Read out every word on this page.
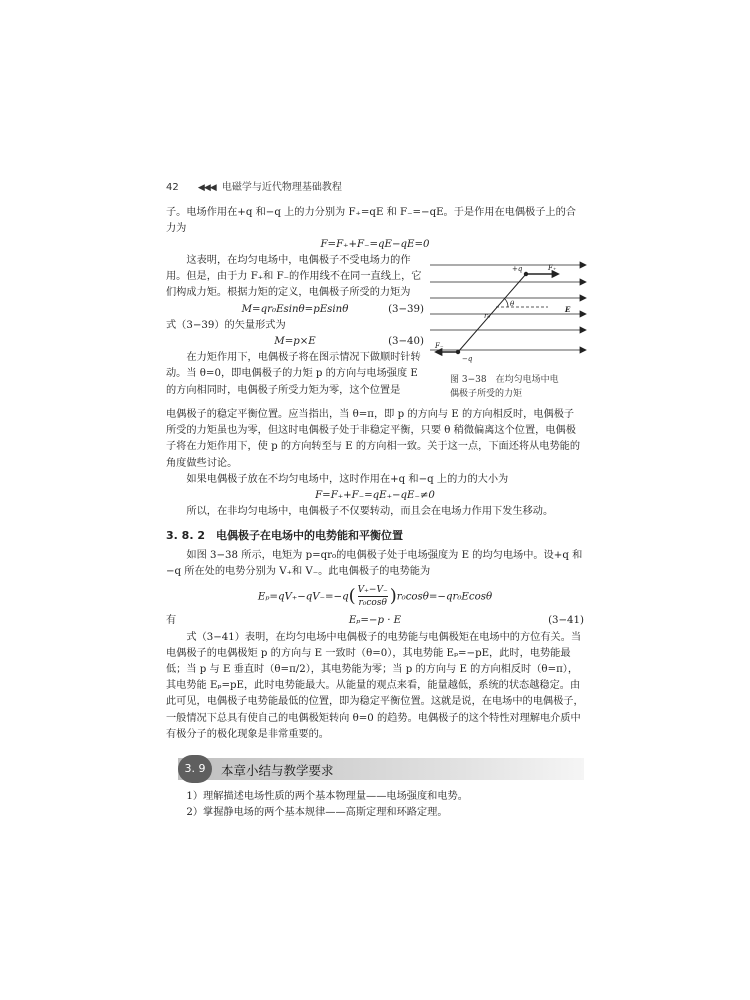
42 ◀◀◀ 电磁学与近代物理基础教程
子。电场作用在+q 和−q 上的力分别为 F₊=qE 和 F₋=−qE。于是作用在电偶极子上的合力为
F=F₊+F₋=qE−qE=0
这表明，在均匀电场中，电偶极子不受电场力的作用。但是，由于力 F₊和 F₋的作用线不在同一直线上，它们构成力矩。根据力矩的定义，电偶极子所受的力矩为
M=qr₀Esinθ=pEsinθ	(3−39)
式（3−39）的矢量形式为
M=p×E	(3−40)
在力矩作用下，电偶极子将在图示情况下做顺时针转动。当 θ=0，即电偶极子的力矩 p 的方向与电场强度 E 的方向相同时，电偶极子所受力矩为零，这个位置是
+q	F₊
θ
r₀
E
F₋
−q
图 3−38　在均匀电场中电
偶极子所受的力矩
电偶极子的稳定平衡位置。应当指出，当 θ=π，即 p 的方向与 E 的方向相反时，电偶极子所受的力矩虽也为零，但这时电偶极子处于非稳定平衡，只要 θ 稍微偏离这个位置，电偶极子将在力矩作用下，使 p 的方向转至与 E 的方向相一致。关于这一点，下面还将从电势能的角度做些讨论。
如果电偶极子放在不均匀电场中，这时作用在+q 和−q 上的力的大小为
F=F₊+F₋=qE₊−qE₋≠0
所以，在非均匀电场中，电偶极子不仅要转动，而且会在电场力作用下发生移动。
3. 8. 2　电偶极子在电场中的电势能和平衡位置
如图 3−38 所示，电矩为 p=qr₀的电偶极子处于电场强度为 E 的均匀电场中。设+q 和−q 所在处的电势分别为 V₊和 V₋。此电偶极子的电势能为
$E_p=qV_+-qV_-=-q( \frac{V_+-V_-}{\text{r₀cosθ}} )r_0\cos\theta=-qr_0Ecos\theta$
有	Eₚ=−p · E	(3−41)
式（3−41）表明，在均匀电场中电偶极子的电势能与电偶极矩在电场中的方位有关。当电偶极子的电偶极矩 p 的方向与 E 一致时（θ=0），其电势能 Eₚ=−pE，此时，电势能最低；当 p 与 E 垂直时（θ=π/2），其电势能为零；当 p 的方向与 E 的方向相反时（θ=π），其电势能 Eₚ=pE，此时电势能最大。从能量的观点来看，能量越低，系统的状态越稳定。由此可见，电偶极子电势能最低的位置，即为稳定平衡位置。这就是说，在电场中的电偶极子，一般情况下总具有使自己的电偶极矩转向 θ=0 的趋势。电偶极子的这个特性对理解电介质中有极分子的极化现象是非常重要的。
3. 9	本章小结与教学要求
1）理解描述电场性质的两个基本物理量——电场强度和电势。
2）掌握静电场的两个基本规律——高斯定理和环路定理。
